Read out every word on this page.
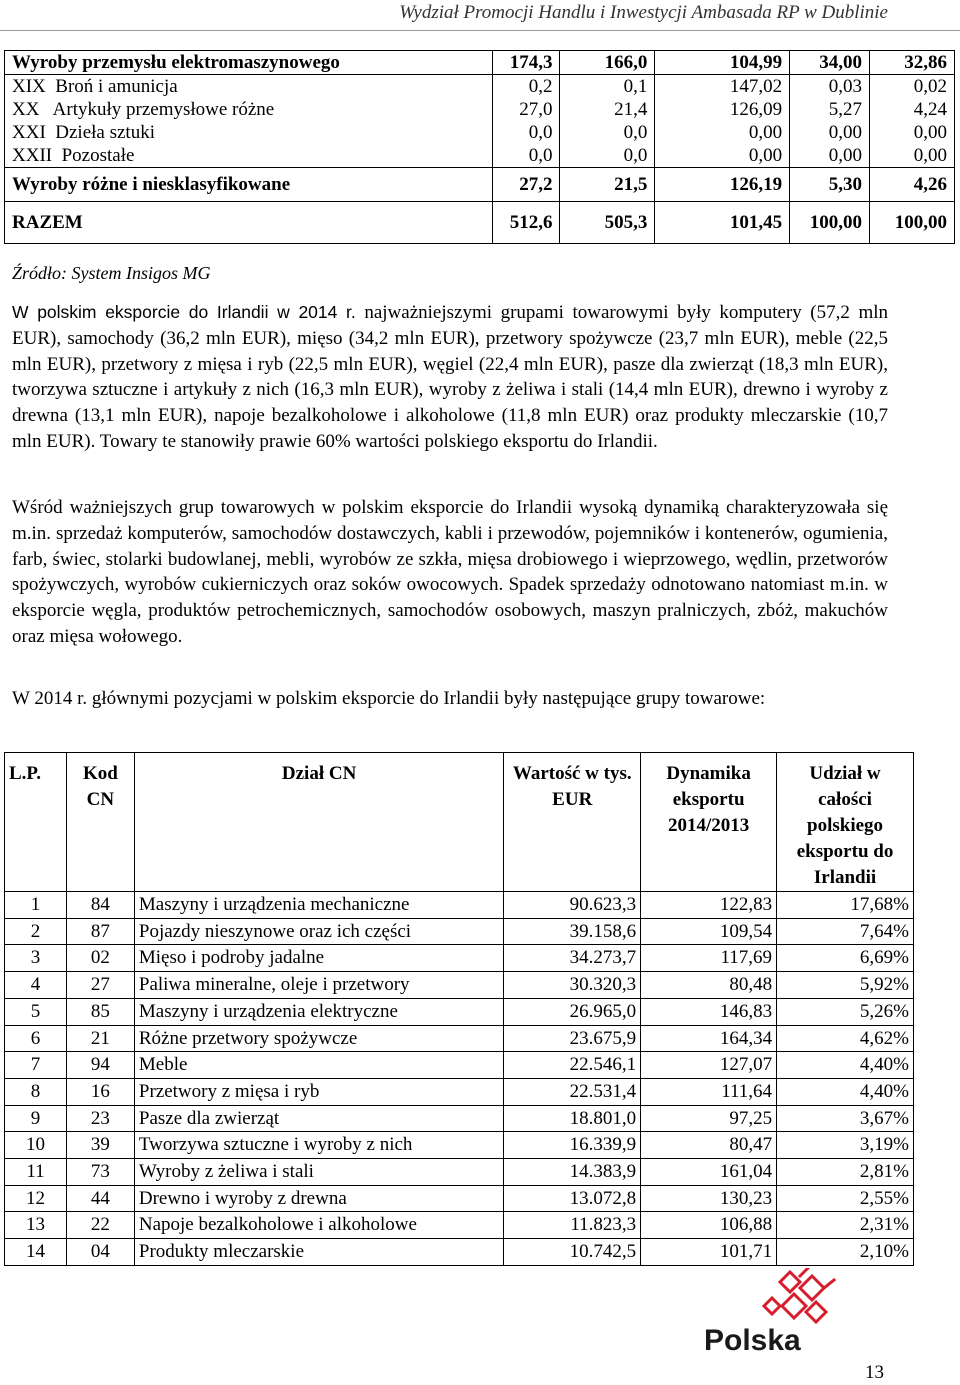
Wydział Promocji Handlu i Inwestycji Ambasada RP w Dublinie
Wyroby przemysłu elektromaszynowego	174,3	166,0	104,99	34,00	32,86
XIX  Broń i amunicja	0,2	0,1	147,02	0,03	0,02
XX   Artykuły przemysłowe różne	27,0	21,4	126,09	5,27	4,24
XXI  Dzieła sztuki	0,0	0,0	0,00	0,00	0,00
XXII  Pozostałe	0,0	0,0	0,00	0,00	0,00
Wyroby różne i niesklasyfikowane	27,2	21,5	126,19	5,30	4,26
RAZEM	512,6	505,3	101,45	100,00	100,00
Źródło: System Insigos MG

W polskim eksporcie do Irlandii w 2014 r. najważniejszymi grupami towarowymi były komputery (57,2 mln EUR), samochody (36,2 mln EUR), mięso (34,2 mln EUR), przetwory spożywcze (23,7 mln EUR), meble (22,5 mln EUR), przetwory z mięsa i ryb (22,5 mln EUR), węgiel (22,4 mln EUR), pasze dla zwierząt (18,3 mln EUR), tworzywa sztuczne i artykuły z nich (16,3 mln EUR), wyroby z żeliwa i stali (14,4 mln EUR), drewno i wyroby z drewna (13,1 mln EUR), napoje bezalkoholowe i alkoholowe (11,8 mln EUR) oraz produkty mleczarskie (10,7 mln EUR). Towary te stanowiły prawie 60% wartości polskiego eksportu do Irlandii.

Wśród ważniejszych grup towarowych w polskim eksporcie do Irlandii wysoką dynamiką charakteryzowała się m.in. sprzedaż komputerów, samochodów dostawczych, kabli i przewodów, pojemników i kontenerów, ogumienia, farb, świec, stolarki budowlanej, mebli, wyrobów ze szkła, mięsa drobiowego i wieprzowego, wędlin, przetworów spożywczych, wyrobów cukierniczych oraz soków owocowych. Spadek sprzedaży odnotowano natomiast m.in. w eksporcie węgla, produktów petrochemicznych, samochodów osobowych, maszyn pralniczych, zbóż, makuchów oraz mięsa wołowego.

W 2014 r. głównymi pozycjami w polskim eksporcie do Irlandii były następujące grupy towarowe:

L.P.	Kod CN	Dział CN	Wartość w tys. EUR	Dynamika eksportu 2014/2013	Udział w całości polskiego eksportu do Irlandii
1	84	Maszyny i urządzenia mechaniczne	90.623,3	122,83	17,68%
2	87	Pojazdy nieszynowe oraz ich części	39.158,6	109,54	7,64%
3	02	Mięso i podroby jadalne	34.273,7	117,69	6,69%
4	27	Paliwa mineralne, oleje i przetwory	30.320,3	80,48	5,92%
5	85	Maszyny i urządzenia elektryczne	26.965,0	146,83	5,26%
6	21	Różne przetwory spożywcze	23.675,9	164,34	4,62%
7	94	Meble	22.546,1	127,07	4,40%
8	16	Przetwory z mięsa i ryb	22.531,4	111,64	4,40%
9	23	Pasze dla zwierząt	18.801,0	97,25	3,67%
10	39	Tworzywa sztuczne i wyroby z nich	16.339,9	80,47	3,19%
11	73	Wyroby z żeliwa i stali	14.383,9	161,04	2,81%
12	44	Drewno i wyroby z drewna	13.072,8	130,23	2,55%
13	22	Napoje bezalkoholowe i alkoholowe	11.823,3	106,88	2,31%
14	04	Produkty mleczarskie	10.742,5	101,71	2,10%
Polska
13
